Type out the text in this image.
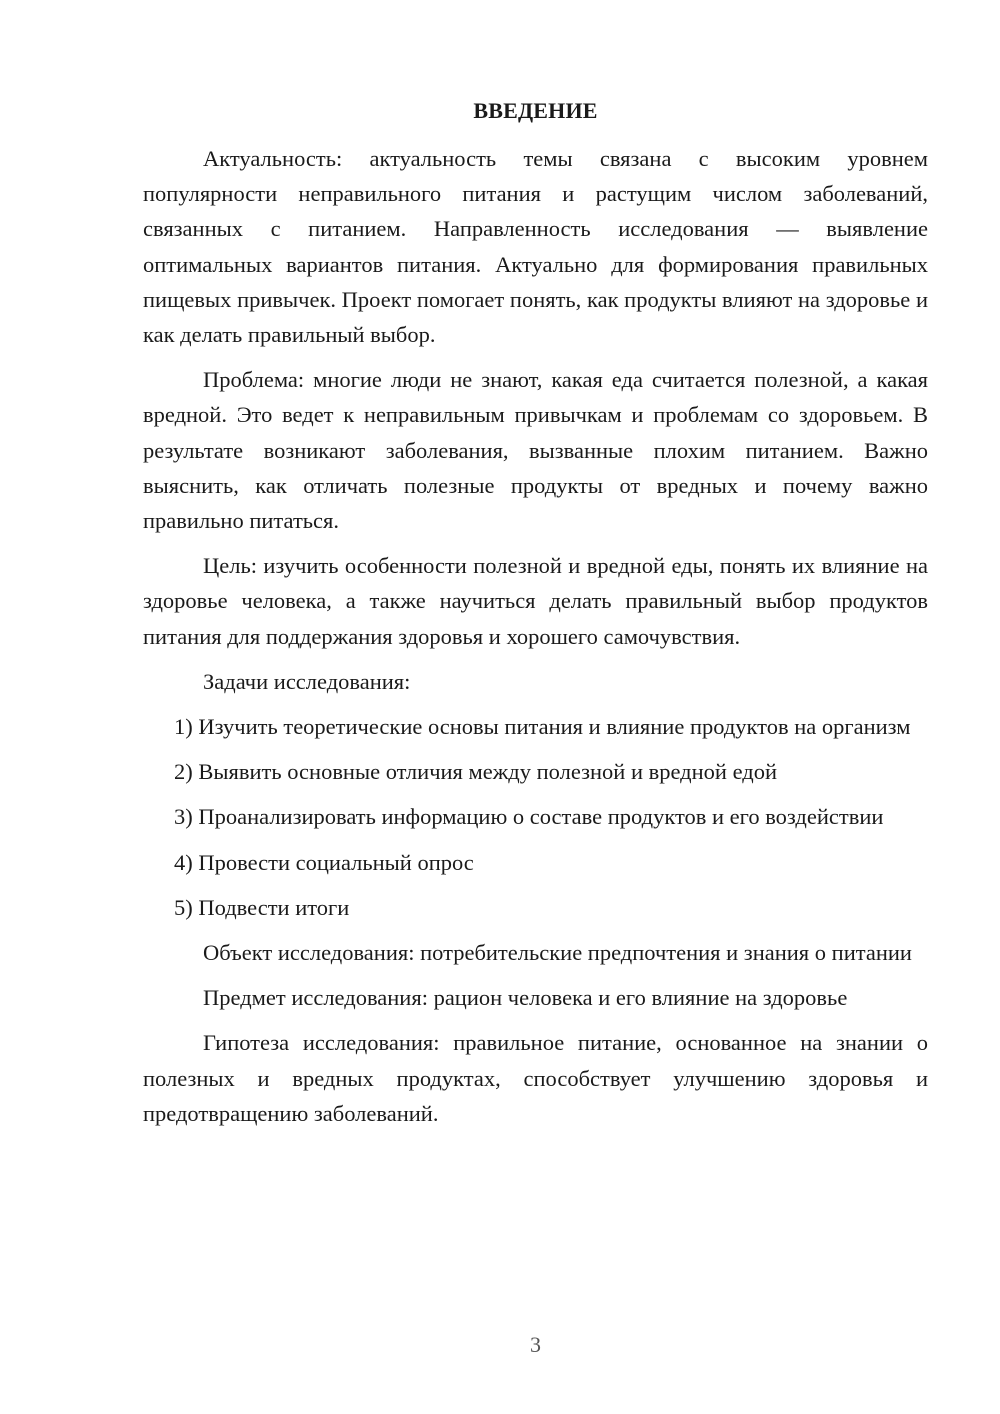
ВВЕДЕНИЕ

Актуальность: актуальность темы связана с высоким уровнем популярности неправильного питания и растущим числом заболеваний, связанных с питанием. Направленность исследования — выявление оптимальных вариантов питания. Актуально для формирования правильных пищевых привычек. Проект помогает понять, как продукты влияют на здоровье и как делать правильный выбор.

Проблема: многие люди не знают, какая еда считается полезной, а какая вредной. Это ведет к неправильным привычкам и проблемам со здоровьем. В результате возникают заболевания, вызванные плохим питанием. Важно выяснить, как отличать полезные продукты от вредных и почему важно правильно питаться.

Цель: изучить особенности полезной и вредной еды, понять их влияние на здоровье человека, а также научиться делать правильный выбор продуктов питания для поддержания здоровья и хорошего самочувствия.

Задачи исследования:

1) Изучить теоретические основы питания и влияние продуктов на организм

2) Выявить основные отличия между полезной и вредной едой

3) Проанализировать информацию о составе продуктов и его воздействии

4) Провести социальный опрос

5) Подвести итоги

Объект исследования: потребительские предпочтения и знания о питании

Предмет исследования: рацион человека и его влияние на здоровье

Гипотеза исследования: правильное питание, основанное на знании о полезных и вредных продуктах, способствует улучшению здоровья и предотвращению заболеваний.

3
